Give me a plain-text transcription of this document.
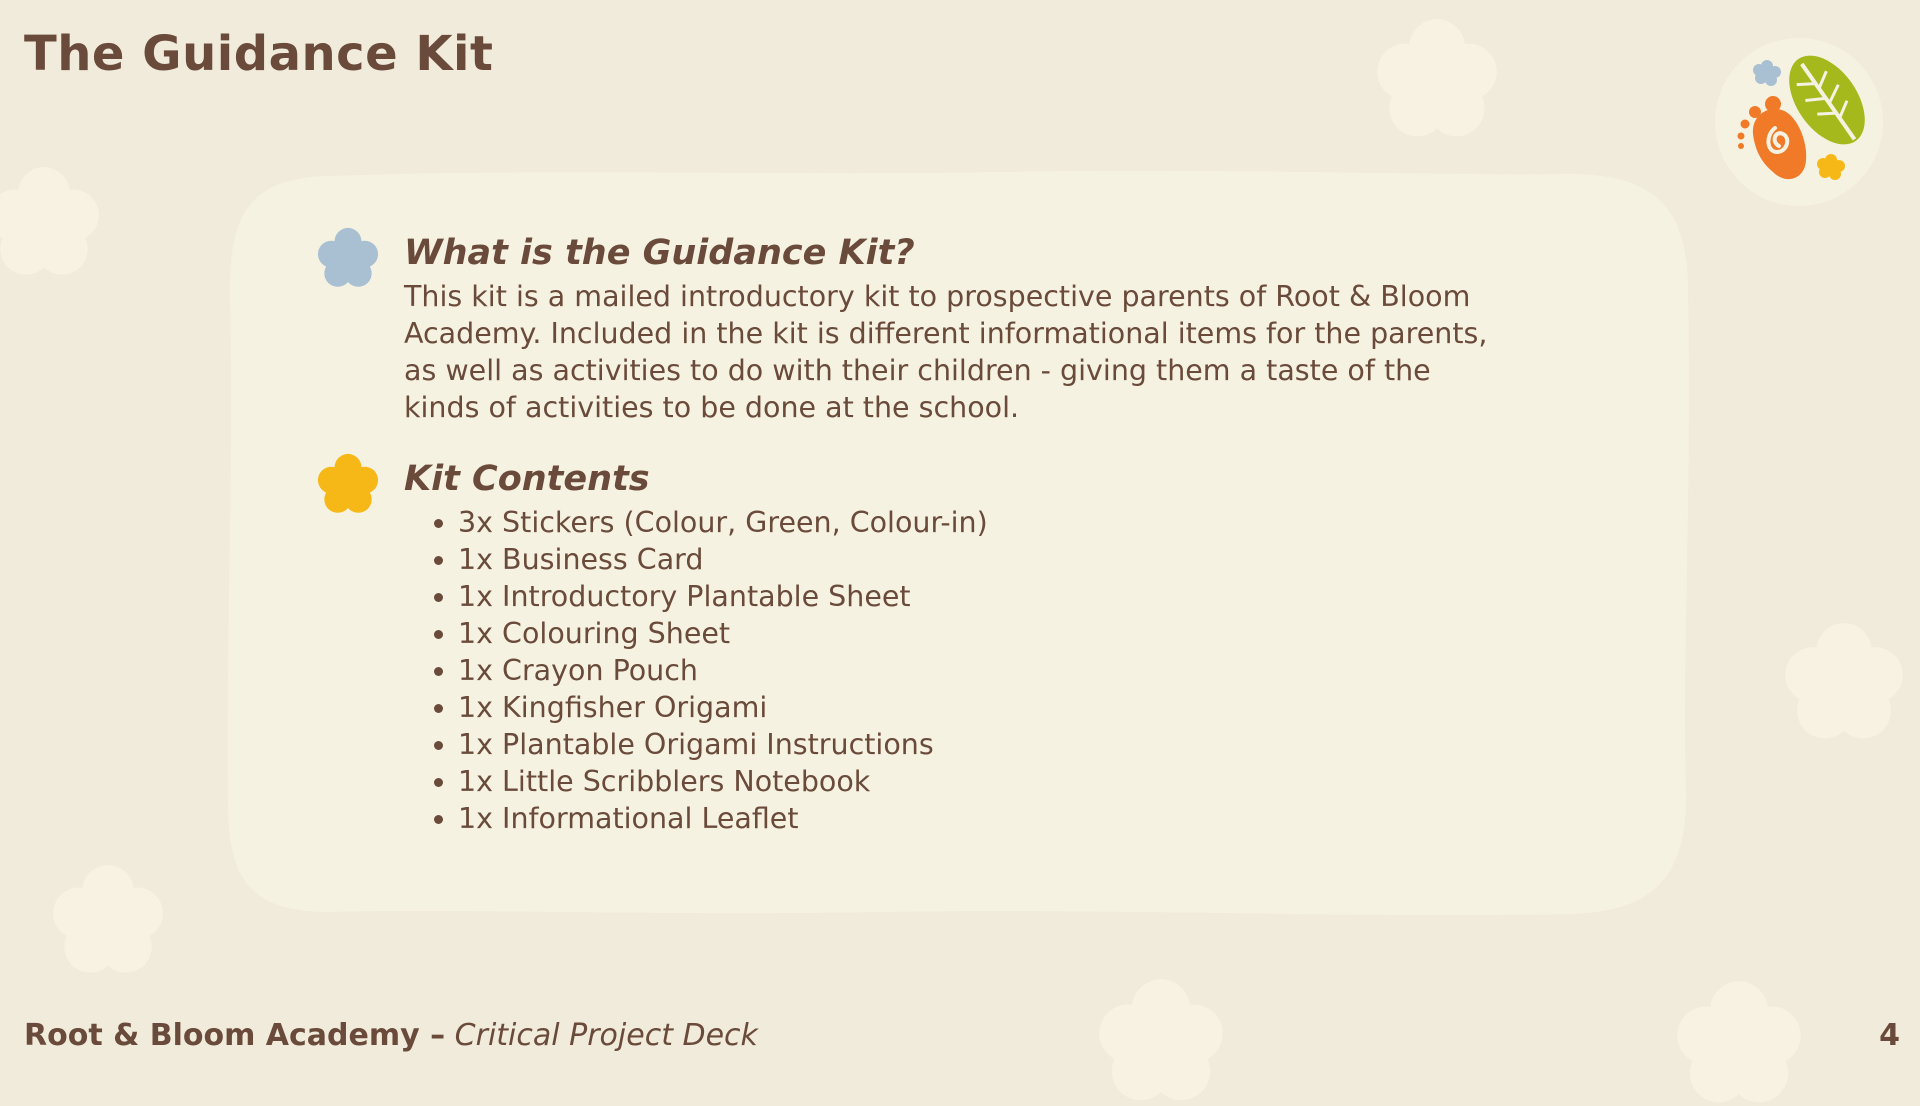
The Guidance Kit
What is the Guidance Kit?

This kit is a mailed introductory kit to prospective parents of Root & Bloom Academy. Included in the kit is different informational items for the parents, as well as activities to do with their children - giving them a taste of the kinds of activities to be done at the school.

Kit Contents
3x Stickers (Colour, Green, Colour-in)
1x Business Card
1x Introductory Plantable Sheet
1x Colouring Sheet
1x Crayon Pouch
1x Kingfisher Origami
1x Plantable Origami Instructions
1x Little Scribblers Notebook
1x Informational Leaflet

Root & Bloom Academy – Critical Project Deck	4
